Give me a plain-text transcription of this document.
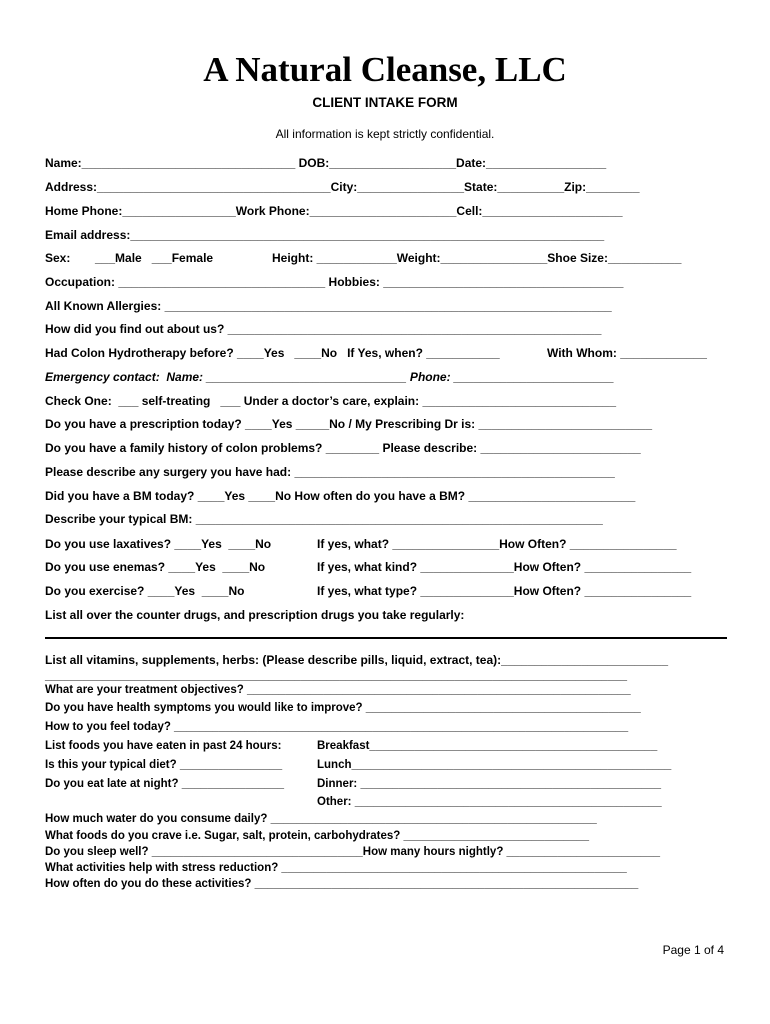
A Natural Cleanse, LLC
CLIENT INTAKE FORM
All information is kept strictly confidential.
Name:________________________________ DOB:___________________Date:__________________
Address:___________________________________City:________________State:__________Zip:________
Home Phone:_________________Work Phone:______________________Cell:_____________________
Email address:_______________________________________________________________________
Sex: ___Male   ___Female	Height: ____________Weight:________________Shoe Size:___________
Occupation: _______________________________ Hobbies: ____________________________________
All Known Allergies: ___________________________________________________________________
How did you find out about us? ________________________________________________________
Had Colon Hydrotherapy before? ____Yes   ____No   If Yes, when? ___________	With Whom: _____________
Emergency contact:  Name: ______________________________ Phone: ________________________
Check One:  ___ self-treating   ___ Under a doctor’s care, explain: _____________________________
Do you have a prescription today? ____Yes _____No / My Prescribing Dr is: __________________________
Do you have a family history of colon problems? ________ Please describe: ________________________
Please describe any surgery you have had: ________________________________________________
Did you have a BM today? ____Yes ____No How often do you have a BM? _________________________
Describe your typical BM: _____________________________________________________________
Do you use laxatives? ____Yes  ____No	If yes, what? ________________How Often? ________________
Do you use enemas? ____Yes  ____No	If yes, what kind? ______________How Often? ________________
Do you exercise? ____Yes  ____No	If yes, what type? ______________How Often? ________________
List all over the counter drugs, and prescription drugs you take regularly:
List all vitamins, supplements, herbs: (Please describe pills, liquid, extract, tea):_________________________
___________________________________________________________________________________________
What are your treatment objectives? ____________________________________________________________
Do you have health symptoms you would like to improve? ___________________________________________
How to you feel today? _______________________________________________________________________
List foods you have eaten in past 24 hours:	Breakfast_____________________________________________
Is this your typical diet? ________________	Lunch__________________________________________________
Do you eat late at night? ________________	Dinner: _______________________________________________
Other: ________________________________________________
How much water do you consume daily? ___________________________________________________
What foods do you crave i.e. Sugar, salt, protein, carbohydrates? _____________________________
Do you sleep well? _________________________________How many hours nightly? ________________________
What activities help with stress reduction? ______________________________________________________
How often do you do these activities? ____________________________________________________________
Page 1 of 4
